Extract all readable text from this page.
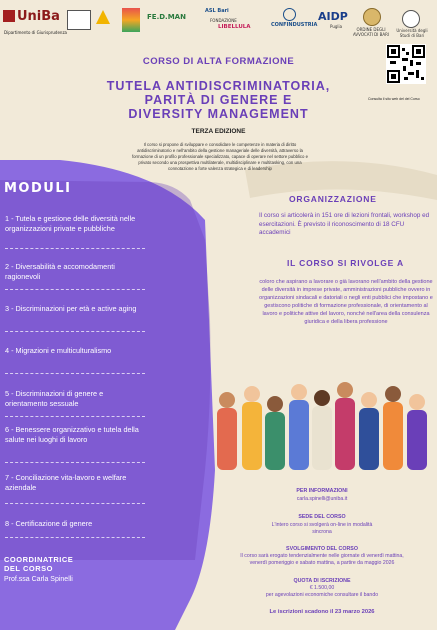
UniBa
Dipartimento di Giurisprudenza
FE.D.MAN
ASL Bari
FONDAZIONE
LIBELLULA	CONFINDUSTRIA
AIDP
Puglia
ORDINE DEGLI AVVOCATI DI BARI
Università degli Studi di Bari
Consulta il sito web del del Corso
CORSO DI ALTA FORMAZIONE
TUTELA ANTIDISCRIMINATORIA,
PARITÀ DI GENERE E
DIVERSITY MANAGEMENT
TERZA EDIZIONE
Il corso si propone di sviluppare e consolidare le competenze in materia di diritto antidiscriminatorio e nell'ambito della gestione manageriale delle diversità, attraverso la formazione di un profilo professionale specializzato, capace di operare nel settore pubblico e privato secondo una prospettiva multilaterale, multidisciplinare e multitasking, con una connotazione a forte valenza strategica e di leadership
MODULI
1 - Tutela e gestione delle diversità nelle organizzazioni private e pubbliche
2 - Diversabilità e accomodamenti ragionevoli
3 - Discriminazioni per età e active aging
4 - Migrazioni e multiculturalismo
5 - Discriminazioni di genere e orientamento sessuale
6 - Benessere organizzativo e tutela della salute nei luoghi di lavoro
7 - Conciliazione vita-lavoro e welfare aziendale
8 - Certificazione di genere
COORDINATRICE
DEL CORSO
Prof.ssa Carla Spinelli
ORGANIZZAZIONE
Il corso si articolerà in 151 ore di lezioni frontali, workshop ed esercitazioni. È previsto il riconoscimento di 18 CFU accademici
IL CORSO SI RIVOLGE A
coloro che aspirano a lavorare o già lavorano nell'ambito della gestione delle diversità in imprese private, amministrazioni pubbliche ovvero in organizzazioni sindacali e datoriali o negli enti pubblici che impostano e gestiscono politiche di formazione professionale, di orientamento al lavoro e politiche attive del lavoro, nonché nell'area della consulenza giuridica e della libera professione
PER INFORMAZIONI
carla.spinelli@uniba.it
SEDE DEL CORSO
L'intero corso si svolgerà on-line in modalità sincrona
SVOLGIMENTO DEL CORSO
Il corso sarà erogato tendenzialmente nelle giornate di venerdì mattina, venerdì pomeriggio e sabato mattina, a partire da maggio 2026
QUOTA DI ISCRIZIONE
€ 1.500,00
per agevolazioni economiche consultare il bando
Le iscrizioni scadono il 23 marzo 2026
